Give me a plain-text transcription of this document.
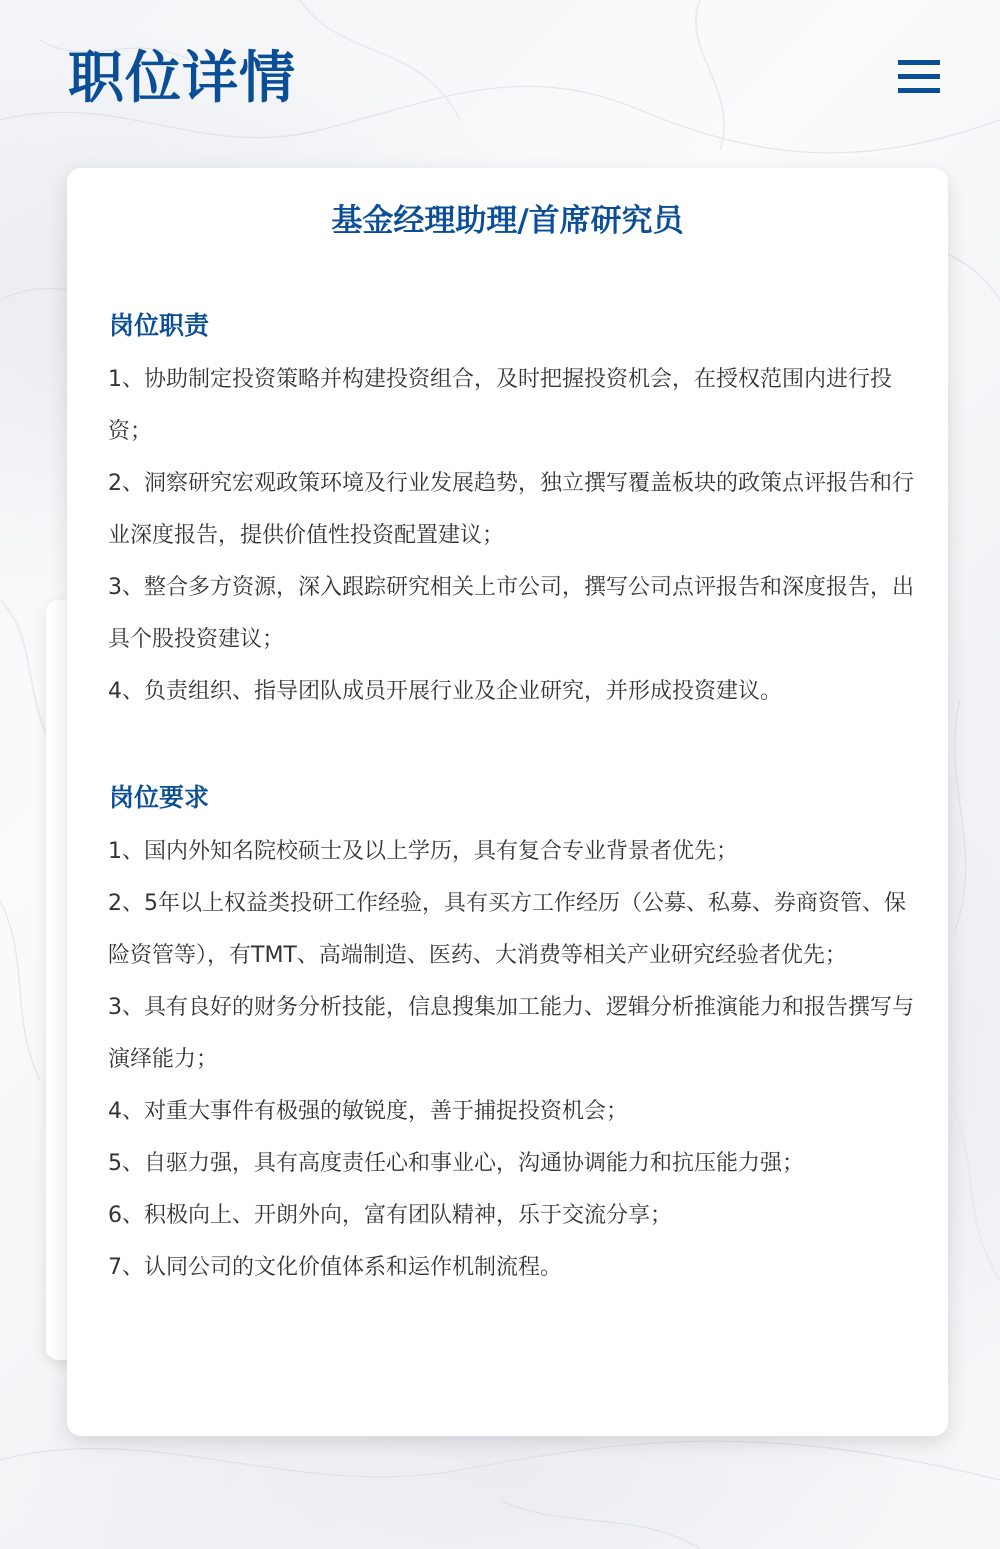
职位详情
基金经理助理/首席研究员
岗位职责
1、协助制定投资策略并构建投资组合，及时把握投资机会，在授权范围内进行投资；
2、洞察研究宏观政策环境及行业发展趋势，独立撰写覆盖板块的政策点评报告和行业深度报告，提供价值性投资配置建议；
3、整合多方资源，深入跟踪研究相关上市公司，撰写公司点评报告和深度报告，出具个股投资建议；
4、负责组织、指导团队成员开展行业及企业研究，并形成投资建议。
岗位要求
1、国内外知名院校硕士及以上学历，具有复合专业背景者优先；
2、5年以上权益类投研工作经验，具有买方工作经历（公募、私募、券商资管、保险资管等），有TMT、高端制造、医药、大消费等相关产业研究经验者优先；
3、具有良好的财务分析技能，信息搜集加工能力、逻辑分析推演能力和报告撰写与演绎能力；
4、对重大事件有极强的敏锐度，善于捕捉投资机会；
5、自驱力强，具有高度责任心和事业心，沟通协调能力和抗压能力强；
6、积极向上、开朗外向，富有团队精神，乐于交流分享；
7、认同公司的文化价值体系和运作机制流程。
